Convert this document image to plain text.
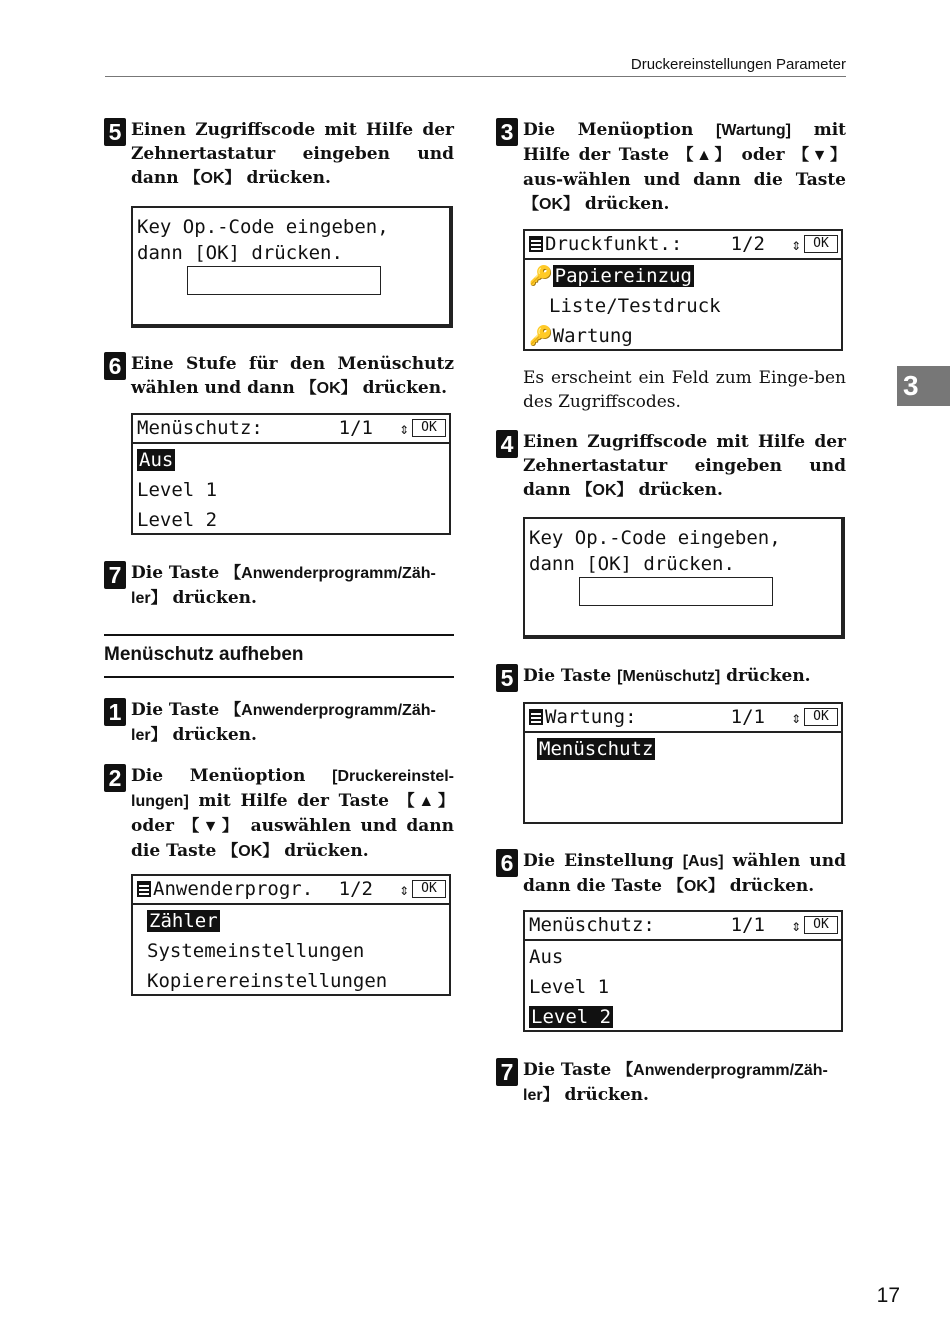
Druckereinstellungen Parameter
5 Einen Zugriffscode mit Hilfe der Zehnertastatur eingeben und dann 【OK】 drücken.
Key Op.-Code eingeben,
dann [OK] drücken.
6 Eine Stufe für den Menüschutz wählen und dann 【OK】 drücken.
Menüschutz:	1/1 ⇕ OK
Aus
Level 1
Level 2
7 Die Taste 【Anwenderprogramm/Zäh-ler】 drücken.
Menüschutz aufheben
1 Die Taste 【Anwenderprogramm/Zäh-ler】 drücken.
2 Die Menüoption [Druckereinstel-lungen] mit Hilfe der Taste 【▲】 oder 【▼】 auswählen und dann die Taste 【OK】 drücken.
Anwenderprogr. 1/2 ⇕ OK
Zähler
Systemeinstellungen
Kopierereinstellungen
3 Die Menüoption [Wartung] mit Hilfe der Taste 【▲】 oder 【▼】 aus-wählen und dann die Taste 【OK】 drücken.
Druckfunkt.:	1/2 ⇕ OK
🔑 Papiereinzug
Liste/Testdruck
🔑Wartung
Es erscheint ein Feld zum Einge-ben des Zugriffscodes.
4 Einen Zugriffscode mit Hilfe der Zehnertastatur eingeben und dann 【OK】 drücken.
Key Op.-Code eingeben,
dann [OK] drücken.
5 Die Taste [Menüschutz] drücken.
Wartung:	1/1 ⇕ OK
Menüschutz
6 Die Einstellung [Aus] wählen und dann die Taste 【OK】 drücken.
Menüschutz:	1/1 ⇕ OK
Aus
Level 1
Level 2
7 Die Taste 【Anwenderprogramm/Zäh-ler】 drücken.
3
17
